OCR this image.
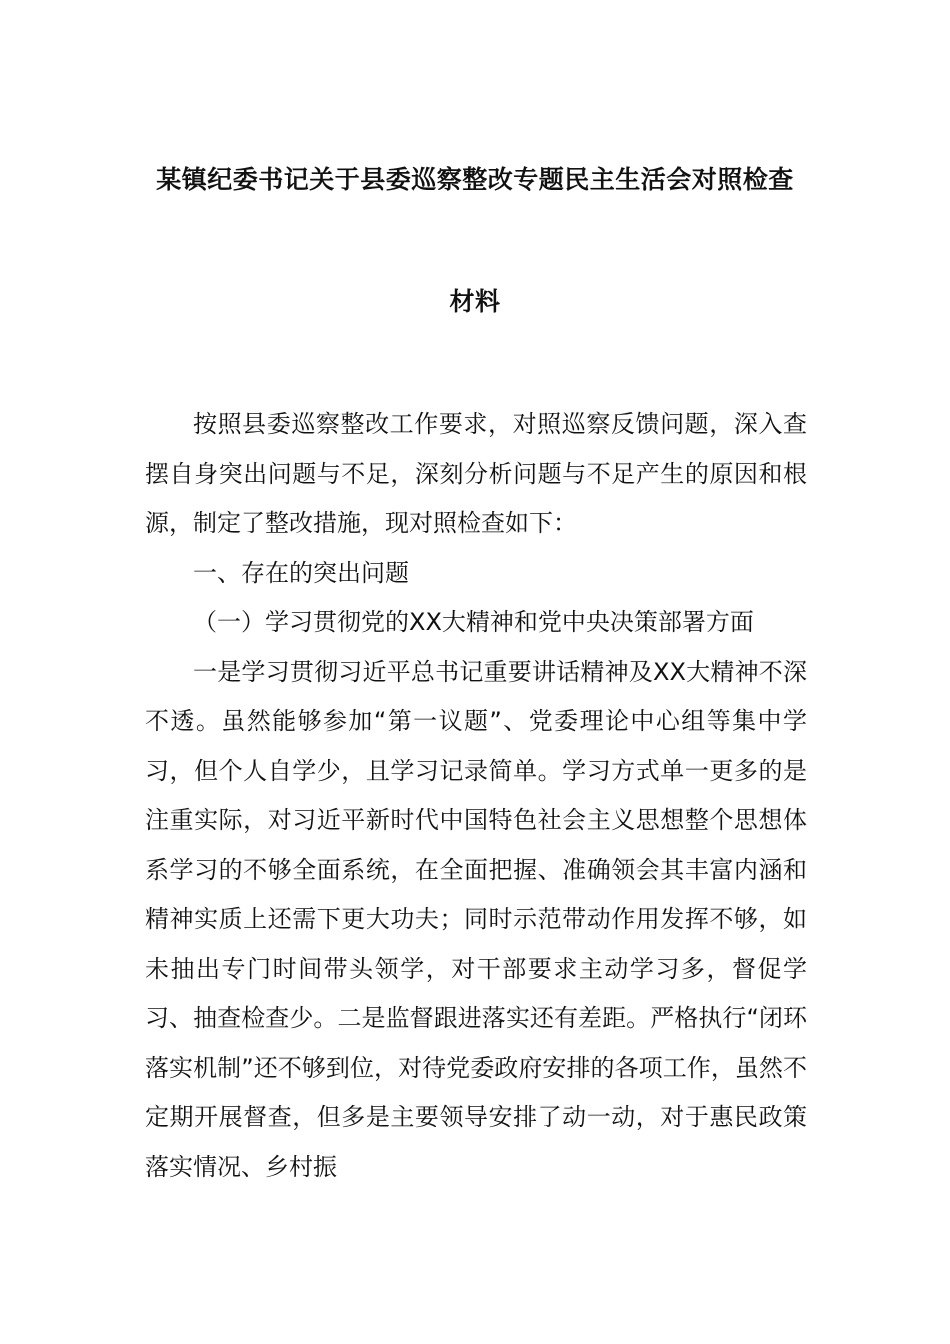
某镇纪委书记关于县委巡察整改专题民主生活会对照检查
材料

按照县委巡察整改工作要求，对照巡察反馈问题，深入查摆自身突出问题与不足，深刻分析问题与不足产生的原因和根源，制定了整改措施，现对照检查如下：

一、存在的突出问题

（一）学习贯彻党的XX大精神和党中央决策部署方面

一是学习贯彻习近平总书记重要讲话精神及XX大精神不深不透。虽然能够参加“第一议题”、党委理论中心组等集中学习，但个人自学少，且学习记录简单。学习方式单一更多的是注重实际，对习近平新时代中国特色社会主义思想整个思想体系学习的不够全面系统，在全面把握、准确领会其丰富内涵和精神实质上还需下更大功夫；同时示范带动作用发挥不够，如未抽出专门时间带头领学，对干部要求主动学习多，督促学习、抽查检查少。二是监督跟进落实还有差距。严格执行“闭环落实机制”还不够到位，对待党委政府安排的各项工作，虽然不定期开展督查，但多是主要领导安排了动一动，对于惠民政策落实情况、乡村振
